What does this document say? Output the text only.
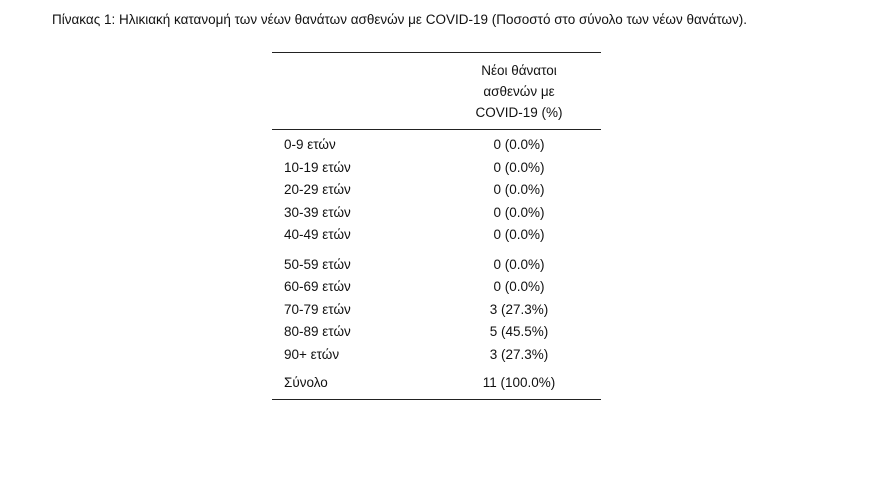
Πίνακας 1: Ηλικιακή κατανομή των νέων θανάτων ασθενών με COVID-19 (Ποσοστό στο σύνολο των νέων θανάτων).

	Νέοι θάνατοι
ασθενών με
COVID-19 (%)

0-9 ετών	0 (0.0%)
10-19 ετών	0 (0.0%)
20-29 ετών	0 (0.0%)
30-39 ετών	0 (0.0%)
40-49 ετών	0 (0.0%)
50-59 ετών	0 (0.0%)
60-69 ετών	0 (0.0%)
70-79 ετών	3 (27.3%)
80-89 ετών	5 (45.5%)
90+ ετών	3 (27.3%)
Σύνολο	11 (100.0%)
